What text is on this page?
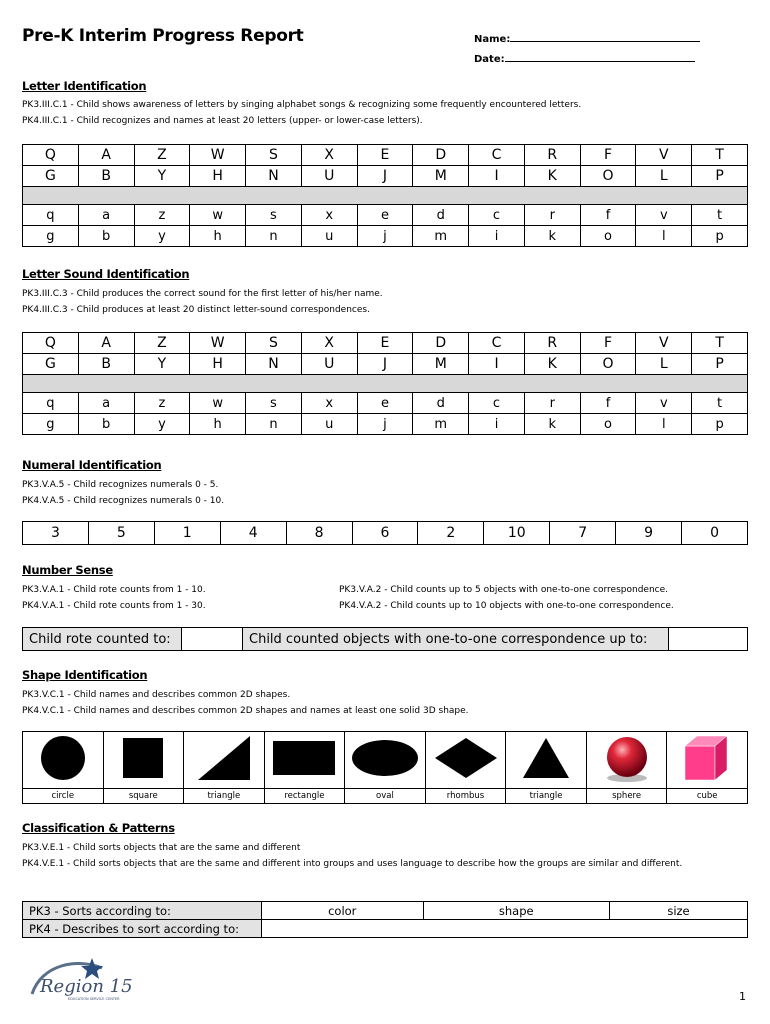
Pre-K Interim Progress Report	Name:
Date:
Letter Identification
PK3.III.C.1 - Child shows awareness of letters by singing alphabet songs & recognizing some frequently encountered letters.
PK4.III.C.1 - Child recognizes and names at least 20 letters (upper- or lower-case letters).
Q	A	Z	W	S	X	E	D	C	R	F	V	T
G	B	Y	H	N	U	J	M	I	K	O	L	P

q	a	z	w	s	x	e	d	c	r	f	v	t
g	b	y	h	n	u	j	m	i	k	o	l	p
Letter Sound Identification
PK3.III.C.3 - Child produces the correct sound for the first letter of his/her name.
PK4.III.C.3 - Child produces at least 20 distinct letter-sound correspondences.
Q	A	Z	W	S	X	E	D	C	R	F	V	T
G	B	Y	H	N	U	J	M	I	K	O	L	P

q	a	z	w	s	x	e	d	c	r	f	v	t
g	b	y	h	n	u	j	m	i	k	o	l	p
Numeral Identification
PK3.V.A.5 - Child recognizes numerals 0 - 5.
PK4.V.A.5 - Child recognizes numerals 0 - 10.
3	5	1	4	8	6	2	10	7	9	0
Number Sense
PK3.V.A.1 - Child rote counts from 1 - 10.
PK4.V.A.1 - Child rote counts from 1 - 30.
PK3.V.A.2 - Child counts up to 5 objects with one-to-one correspondence.
PK4.V.A.2 - Child counts up to 10 objects with one-to-one correspondence.
Child rote counted to:		Child counted objects with one-to-one correspondence up to:	
Shape Identification
PK3.V.C.1 - Child names and describes common 2D shapes.
PK4.V.C.1 - Child names and describes common 2D shapes and names at least one solid 3D shape.

circle	square	triangle	rectangle	oval	rhombus	triangle	sphere	cube
Classification & Patterns
PK3.V.E.1 - Child sorts objects that are the same and different
PK4.V.E.1 - Child sorts objects that are the same and different into groups and uses language to describe how the groups are similar and different.
PK3 - Sorts according to:	color	shape	size
PK4 - Describes to sort according to:			
Region 15
EDUCATION SERVICE CENTER	1
